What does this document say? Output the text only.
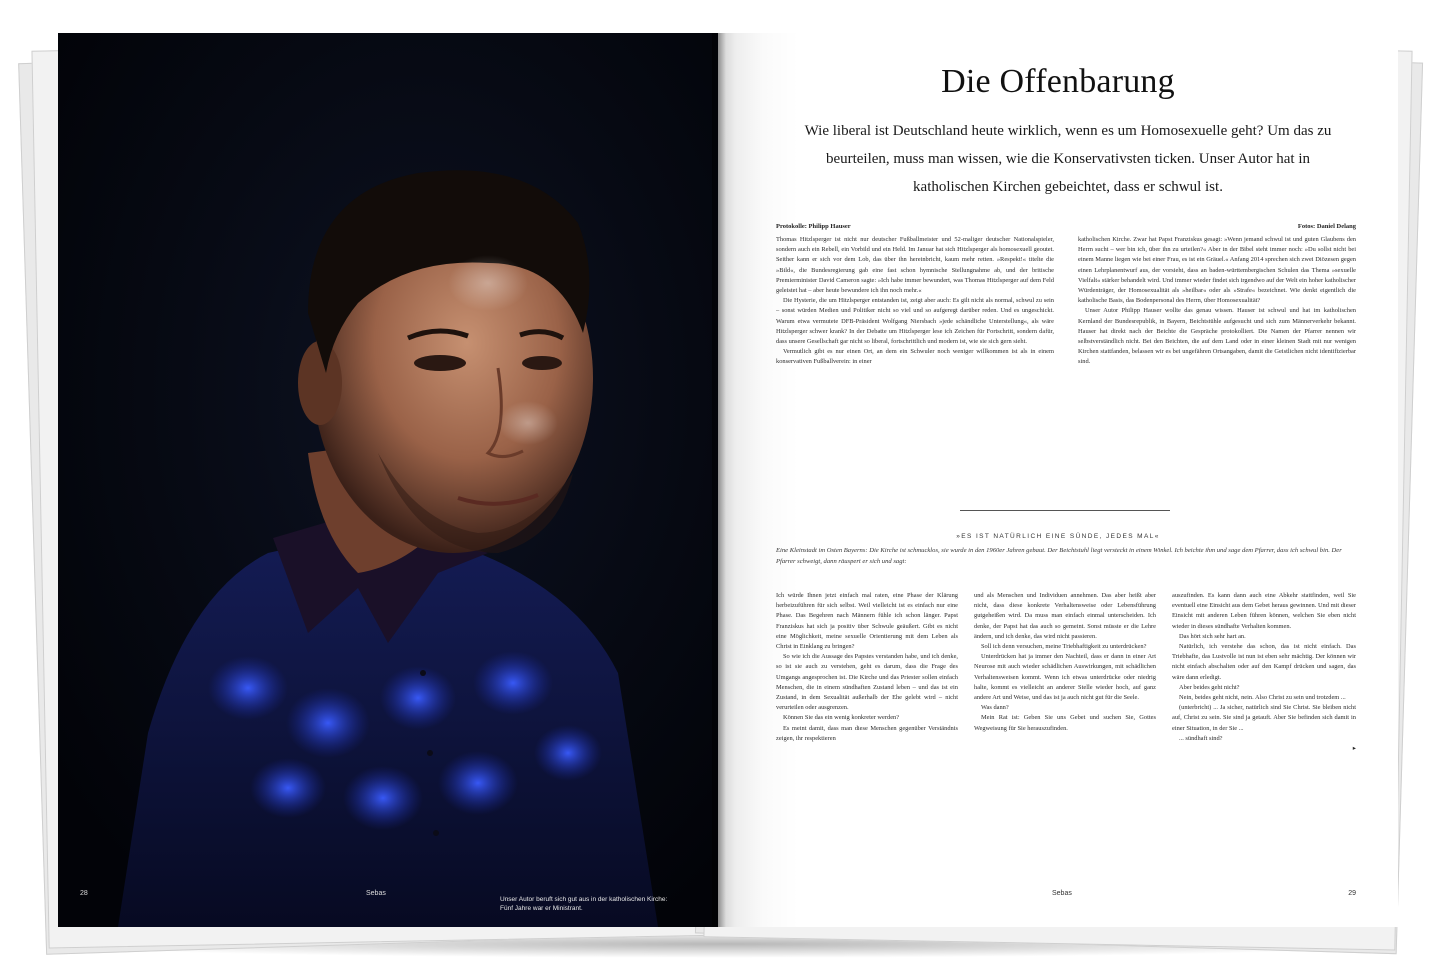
Unser Autor beruft sich gut aus in der katholischen Kirche: Fünf Jahre war er Ministrant.
28	Sebas
Die Offenbarung

Wie liberal ist Deutschland heute wirklich, wenn es um Homosexuelle geht? Um das zu beurteilen, muss man wissen, wie die Konservativsten ticken. Unser Autor hat in katholischen Kirchen gebeichtet, dass er schwul ist.

Protokolle: Philipp Hauser	Fotos: Daniel Delang

Thomas Hitzlsperger ist nicht nur deutscher Fußballmeister und 52-maliger deutscher Nationalspieler, sondern auch ein Rebell, ein Vorbild und ein Held. Im Januar hat sich Hitzlsperger als homosexuell geoutet. Seither kann er sich vor dem Lob, das über ihn hereinbricht, kaum mehr retten. »Respekt!« titelte die »Bild«, die Bundesregierung gab eine fast schon hymnische Stellungnahme ab, und der britische Premierminister David Cameron sagte: »Ich habe immer bewundert, was Thomas Hitzlsperger auf dem Feld geleistet hat – aber heute bewundere ich ihn noch mehr.«

Die Hysterie, die um Hitzlsperger entstanden ist, zeigt aber auch: Es gilt nicht als normal, schwul zu sein – sonst würden Medien und Politiker nicht so viel und so aufgeregt darüber reden. Und es ungeschickt. Warum etwa vermutete DFB-Präsident Wolfgang Niersbach »jede schändliche Unterstellung«, als wäre Hitzlsperger schwer krank? In der Debatte um Hitzlsperger lese ich Zeichen für Fortschritt, sondern dafür, dass unsere Gesellschaft gar nicht so liberal, fortschrittlich und modern ist, wie sie sich gern sieht.

Vermutlich gibt es nur einen Ort, an dem ein Schwuler noch weniger willkommen ist als in einem konservativen Fußballverein: in einer

katholischen Kirche. Zwar hat Papst Franziskus gesagt: »Wenn jemand schwul ist und guten Glaubens den Herrn sucht – wer bin ich, über ihn zu urteilen?« Aber in der Bibel steht immer noch: »Du sollst nicht bei einem Manne liegen wie bei einer Frau, es ist ein Gräuel.« Anfang 2014 sprechen sich zwei Diözesen gegen einen Lehrplanentwurf aus, der vorsieht, dass an baden-württembergischen Schulen das Thema »sexuelle Vielfalt« stärker behandelt wird. Und immer wieder findet sich irgendwo auf der Welt ein hoher katholischer Würdenträger, der Homosexualität als »heilbar« oder als »Strafe« bezeichnet. Wie denkt eigentlich die katholische Basis, das Bodenpersonal des Herrn, über Homosexualität?

Unser Autor Philipp Hauser wollte das genau wissen. Hauser ist schwul und hat im katholischen Kernland der Bundesrepublik, in Bayern, Beichtstühle aufgesucht und sich zum Männerverkehr bekannt. Hauser hat direkt nach der Beichte die Gespräche protokolliert. Die Namen der Pfarrer nennen wir selbstverständlich nicht. Bei den Beichten, die auf dem Land oder in einer kleinen Stadt mit nur wenigen Kirchen stattfanden, belassen wir es bei ungefähren Ortsangaben, damit die Geistlichen nicht identifizierbar sind.

»ES IST NATÜRLICH EINE SÜNDE, JEDES MAL«
Eine Kleinstadt im Osten Bayerns: Die Kirche ist schmucklos, sie wurde in den 1960er Jahren gebaut. Der Beichtstuhl liegt versteckt in einem Winkel. Ich beichte ihm und sage dem Pfarrer, dass ich schwul bin. Der Pfarrer schweigt, dann räuspert er sich und sagt:

Ich würde Ihnen jetzt einfach mal raten, eine Phase der Klärung herbeizuführen für sich selbst. Weil vielleicht ist es einfach nur eine Phase. Das Begehren nach Männern fühle ich schon länger. Papst Franziskus hat sich ja positiv über Schwule geäußert. Gibt es nicht eine Möglichkeit, meine sexuelle Orientierung mit dem Leben als Christ in Einklang zu bringen?

So wie ich die Aussage des Papstes verstanden habe, und ich denke, so ist sie auch zu verstehen, geht es darum, dass die Frage des Umgangs angesprochen ist. Die Kirche und das Priester sollen einfach Menschen, die in einem sündhaften Zustand leben – und das ist ein Zustand, in dem Sexualität außerhalb der Ehe gelebt wird – nicht verurteilen oder ausgrenzen.

Können Sie das ein wenig konkreter werden?

Es meint damit, dass man diese Menschen gegenüber Verständnis zeigen, ihr respektieren

und als Menschen und Individuen annehmen. Das aber heißt aber nicht, dass diese konkrete Verhaltensweise oder Lebensführung gutgeheißen wird. Da muss man einfach einmal unterscheiden. Ich denke, der Papst hat das auch so gemeint. Sonst müsste er die Lehre ändern, und ich denke, das wird nicht passieren.

Soll ich denn versuchen, meine Triebhaftigkeit zu unterdrücken?

Unterdrücken hat ja immer den Nachteil, dass er dann in einer Art Neurose mit auch wieder schädlichen Auswirkungen, mit schädlichen Verhaltensweisen kommt. Wenn ich etwas unterdrücke oder niedrig halte, kommt es vielleicht an anderer Stelle wieder hoch, auf ganz andere Art und Weise, und das ist ja auch nicht gut für die Seele.

Was dann?

Mein Rat ist: Geben Sie uns Gebet und suchen Sie, Gottes Wegweisung für Sie herauszufinden.

auszufinden. Es kann dann auch eine Abkehr stattfinden, weil Sie eventuell eine Einsicht aus dem Gebet heraus gewinnen. Und mit dieser Einsicht mit anderen Leben führen können, welchen Sie eben nicht wieder in dieses sündhafte Verhalten kommen.

Das hört sich sehr hart an.

Natürlich, ich verstehe das schon, das ist nicht einfach. Das Triebhafte, das Lustvolle ist nun ist eben sehr mächtig. Der können wir nicht einfach abschalten oder auf den Kampf drücken und sagen, das wäre dann erledigt.

Aber beides geht nicht?

Nein, beides geht nicht, nein. Also Christ zu sein und trotzdem ...

(unterbricht) ... Ja sicher, natürlich sind Sie Christ. Sie bleiben nicht auf, Christ zu sein. Sie sind ja getauft. Aber Sie befinden sich damit in einer Situation, in der Sie ...

... sündhaft sind?

▸

Sebas	29
